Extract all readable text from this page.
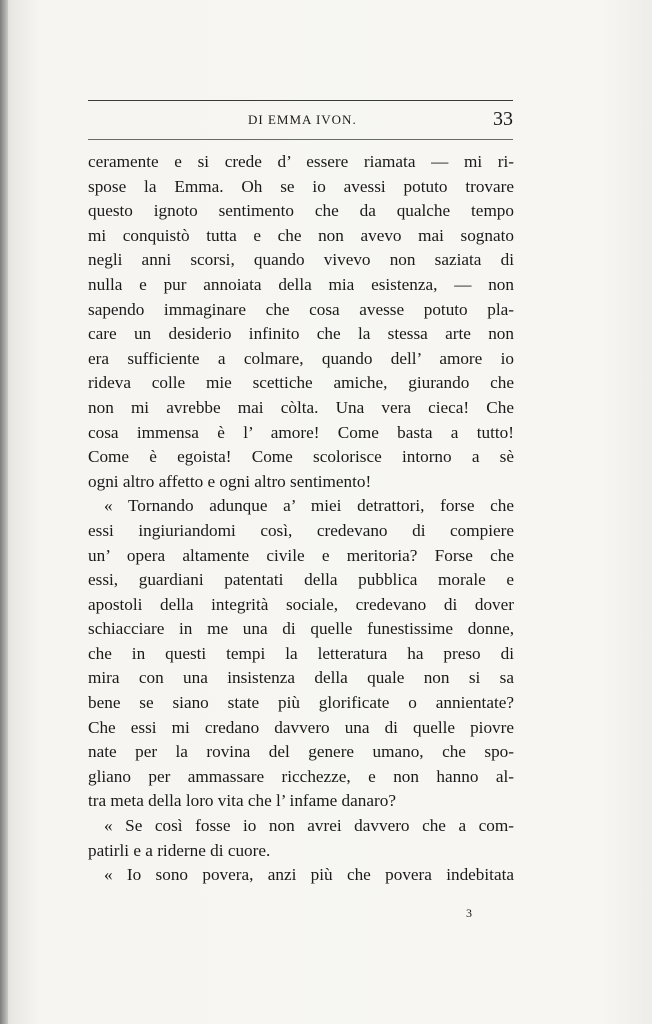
DI EMMA IVON.	33
ceramente e si crede d’ essere riamata — mi ri-
spose la Emma. Oh se io avessi potuto trovare
questo ignoto sentimento che da qualche tempo
mi conquistò tutta e che non avevo mai sognato
negli anni scorsi, quando vivevo non saziata di
nulla e pur annoiata della mia esistenza, — non
sapendo immaginare che cosa avesse potuto pla-
care un desiderio infinito che la stessa arte non
era sufficiente a colmare, quando dell’ amore io
rideva colle mie scettiche amiche, giurando che
non mi avrebbe mai còlta. Una vera cieca! Che
cosa immensa è l’ amore! Come basta a tutto!
Come è egoista! Come scolorisce intorno a sè
ogni altro affetto e ogni altro sentimento!
« Tornando adunque a’ miei detrattori, forse che
essi ingiuriandomi così, credevano di compiere
un’ opera altamente civile e meritoria? Forse che
essi, guardiani patentati della pubblica morale e
apostoli della integrità sociale, credevano di dover
schiacciare in me una di quelle funestissime donne,
che in questi tempi la letteratura ha preso di
mira con una insistenza della quale non si sa
bene se siano state più glorificate o annientate?
Che essi mi credano davvero una di quelle piovre
nate per la rovina del genere umano, che spo-
gliano per ammassare ricchezze, e non hanno al-
tra meta della loro vita che l’ infame danaro?
« Se così fosse io non avrei davvero che a com-
patirli e a riderne di cuore.
« Io sono povera, anzi più che povera indebitata
3
